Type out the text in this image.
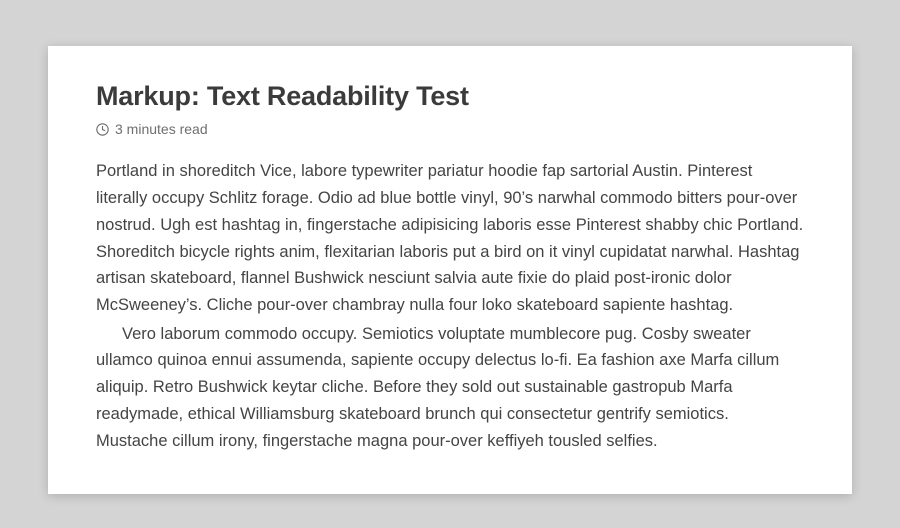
Markup: Text Readability Test
3 minutes read

Portland in shoreditch Vice, labore typewriter pariatur hoodie fap sartorial Austin. Pinterest literally occupy Schlitz forage. Odio ad blue bottle vinyl, 90’s narwhal commodo bitters pour-over nostrud. Ugh est hashtag in, fingerstache adipisicing laboris esse Pinterest shabby chic Portland. Shoreditch bicycle rights anim, flexitarian laboris put a bird on it vinyl cupidatat narwhal. Hashtag artisan skateboard, flannel Bushwick nesciunt salvia aute fixie do plaid post-ironic dolor McSweeney’s. Cliche pour-over chambray nulla four loko skateboard sapiente hashtag.

Vero laborum commodo occupy. Semiotics voluptate mumblecore pug. Cosby sweater ullamco quinoa ennui assumenda, sapiente occupy delectus lo-fi. Ea fashion axe Marfa cillum aliquip. Retro Bushwick keytar cliche. Before they sold out sustainable gastropub Marfa readymade, ethical Williamsburg skateboard brunch qui consectetur gentrify semiotics. Mustache cillum irony, fingerstache magna pour-over keffiyeh tousled selfies.
